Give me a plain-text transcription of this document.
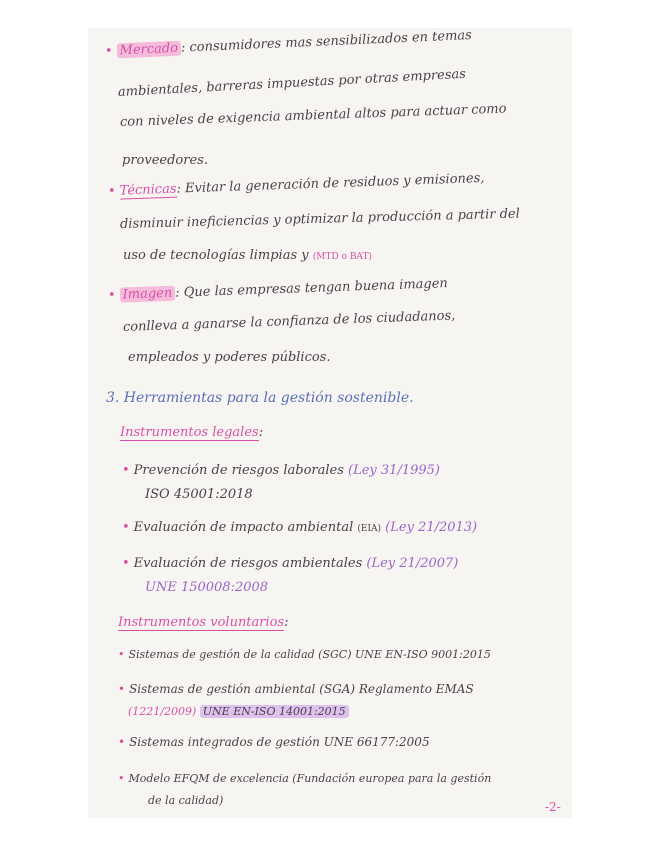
• Mercado : consumidores mas sensibilizados en temas
ambientales, barreras impuestas por otras empresas
con niveles de exigencia ambiental altos para actuar como
proveedores.
• Técnicas: Evitar la generación de residuos y emisiones,
disminuir ineficiencias y optimizar la producción a partir del
uso de tecnologías limpias y (MTD o BAT)
• Imagen : Que las empresas tengan buena imagen
conlleva a ganarse la confianza de los ciudadanos,
empleados y poderes públicos.
3. Herramientas para la gestión sostenible.
Instrumentos legales:
• Prevención de riesgos laborales (Ley 31/1995)
ISO 45001:2018
• Evaluación de impacto ambiental (EIA) (Ley 21/2013)
• Evaluación de riesgos ambientales (Ley 21/2007)
UNE 150008:2008
Instrumentos voluntarios:
• Sistemas de gestión de la calidad (SGC) UNE EN-ISO 9001:2015
• Sistemas de gestión ambiental (SGA) Reglamento EMAS
(1221/2009) UNE EN-ISO 14001:2015
• Sistemas integrados de gestión UNE 66177:2005
• Modelo EFQM de excelencia (Fundación europea para la gestión
de la calidad)	-2-
